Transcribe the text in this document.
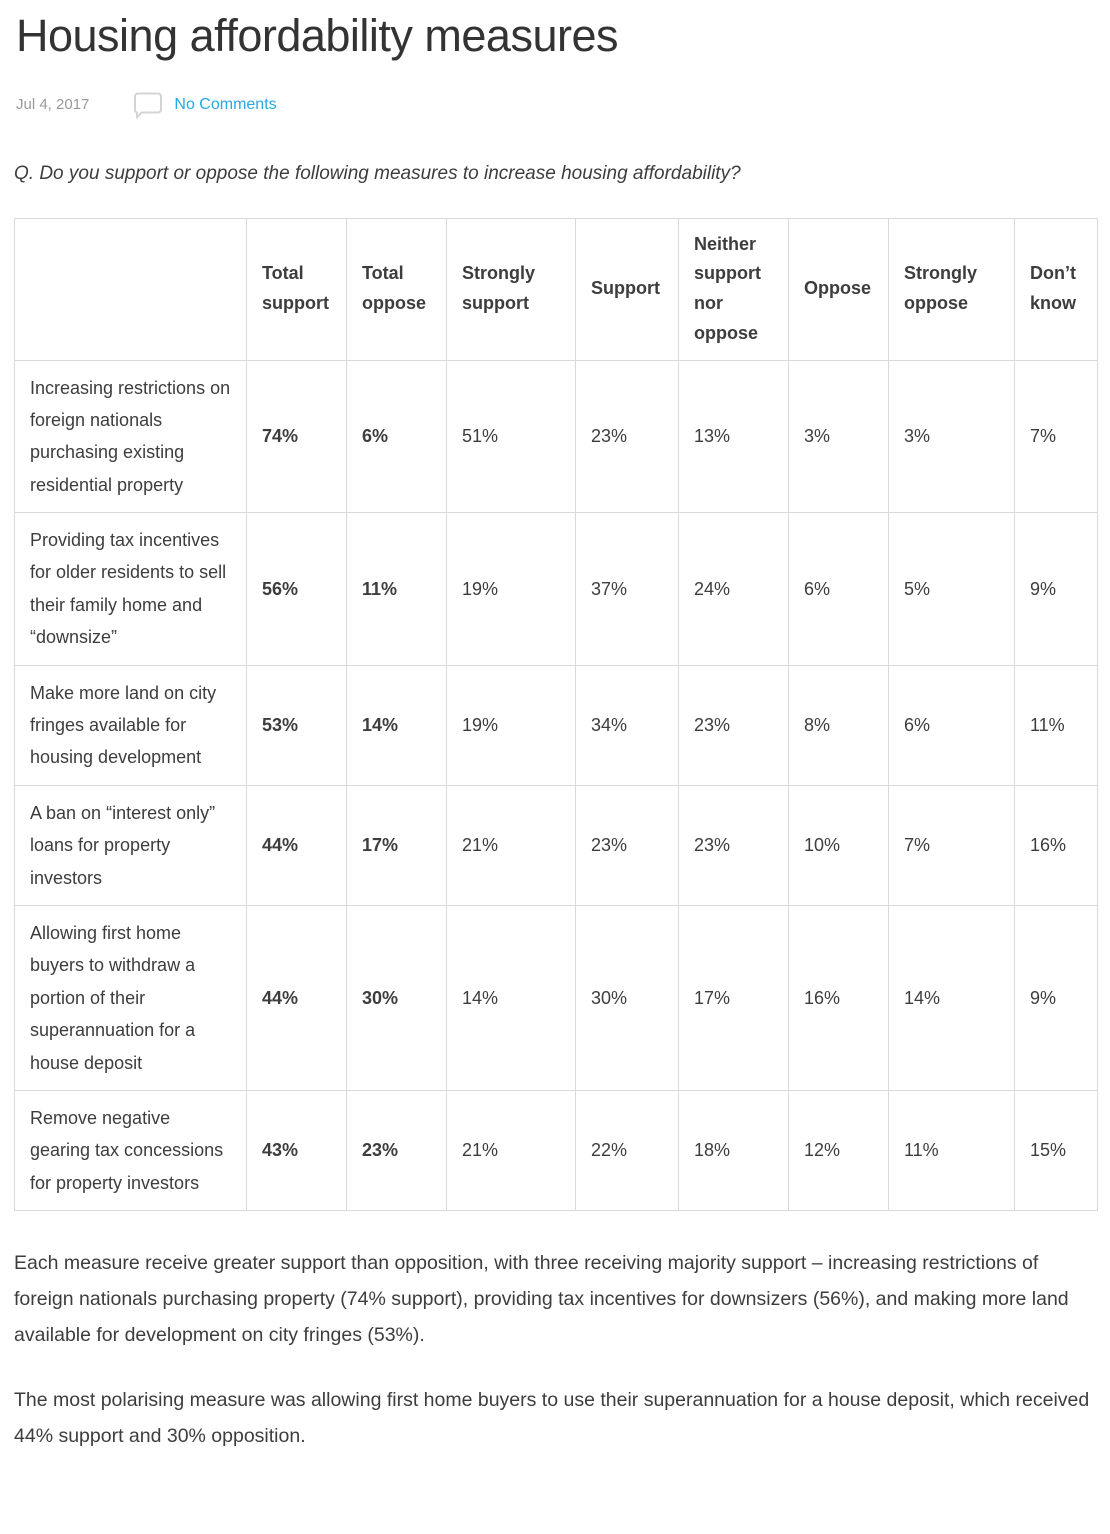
Housing affordability measures
Jul 4, 2017	No Comments

Q. Do you support or oppose the following measures to increase housing affordability?

	Total support	Total oppose	Strongly support	Support	Neither support nor oppose	Oppose	Strongly oppose	Don’t know
Increasing restrictions on foreign nationals purchasing existing residential property	74%	6%	51%	23%	13%	3%	3%	7%
Providing tax incentives for older residents to sell their family home and “downsize”	56%	11%	19%	37%	24%	6%	5%	9%
Make more land on city fringes available for housing development	53%	14%	19%	34%	23%	8%	6%	11%
A ban on “interest only” loans for property investors	44%	17%	21%	23%	23%	10%	7%	16%
Allowing first home buyers to withdraw a portion of their superannuation for a house deposit	44%	30%	14%	30%	17%	16%	14%	9%
Remove negative gearing tax concessions for property investors	43%	23%	21%	22%	18%	12%	11%	15%

Each measure receive greater support than opposition, with three receiving majority support – increasing restrictions of foreign nationals purchasing property (74% support), providing tax incentives for downsizers (56%), and making more land available for development on city fringes (53%).

The most polarising measure was allowing first home buyers to use their superannuation for a house deposit, which received 44% support and 30% opposition.
